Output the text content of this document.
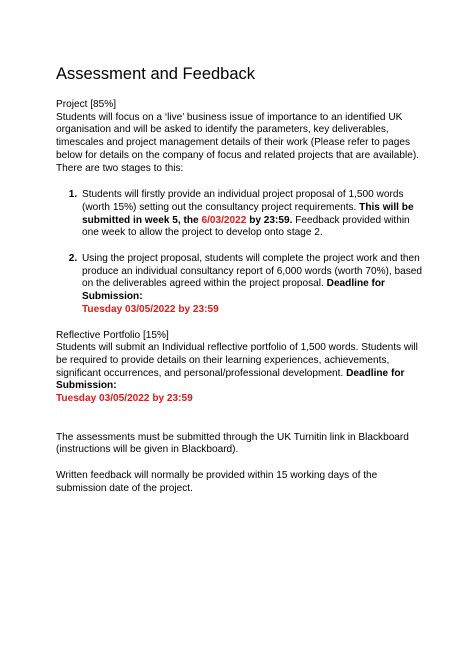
Assessment and Feedback

Project [85%]

Students will focus on a ‘live’ business issue of importance to an identified UK organisation and will be asked to identify the parameters, key deliverables, timescales and project management details of their work (Please refer to pages below for details on the company of focus and related projects that are available). There are two stages to this:

1. Students will firstly provide an individual project proposal of 1,500 words (worth 15%) setting out the consultancy project requirements. This will be submitted in week 5, the 6/03/2022 by 23:59. Feedback provided within one week to allow the project to develop onto stage 2.
2. Using the project proposal, students will complete the project work and then produce an individual consultancy report of 6,000 words (worth 70%), based on the deliverables agreed within the project proposal. Deadline for Submission:
Tuesday 03/05/2022 by 23:59

Reflective Portfolio [15%]

Students will submit an Individual reflective portfolio of 1,500 words. Students will be required to provide details on their learning experiences, achievements, significant occurrences, and personal/professional development. Deadline for Submission:
Tuesday 03/05/2022 by 23:59

The assessments must be submitted through the UK Turnitin link in Blackboard (instructions will be given in Blackboard).

Written feedback will normally be provided within 15 working days of the submission date of the project.
